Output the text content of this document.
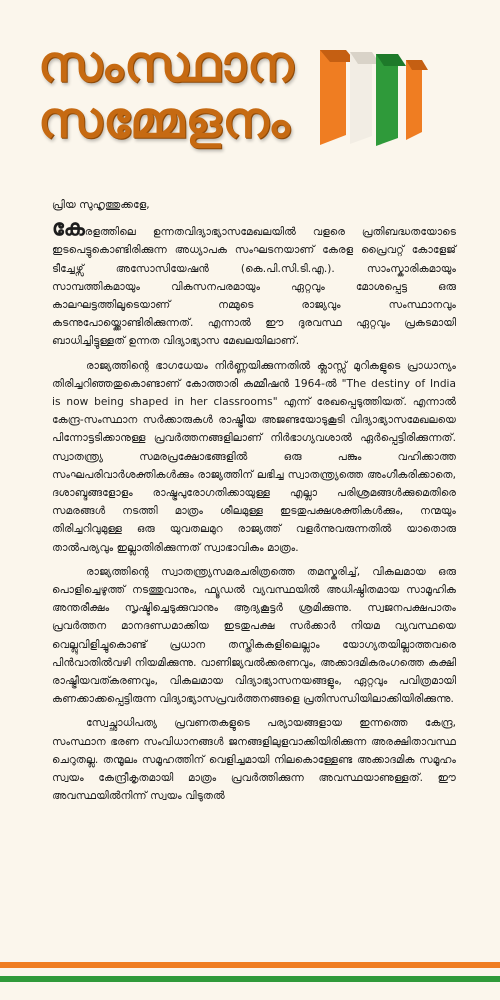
സംസ്ഥാന
സമ്മേളനം

പ്രിയ സുഹൃത്തുക്കളേ,

കേരളത്തിലെ ഉന്നതവിദ്യാഭ്യാസമേഖലയിൽ വളരെ പ്രതിബദ്ധതയോടെ ഇടപെട്ടുകൊണ്ടിരിക്കുന്ന അധ്യാപക സംഘടനയാണ് കേരള പ്രൈവറ്റ് കോളേജ് ടീച്ചേഴ്സ് അസോസിയേഷൻ (കെ.പി.സി.ടി.എ.). സാംസ്കാരികമായും സാമ്പത്തികമായും വികസനപരമായും ഏറ്റവും മോശപ്പെട്ട ഒരു കാലഘട്ടത്തിലൂടെയാണ് നമ്മുടെ രാജ്യവും സംസ്ഥാനവും കടന്നുപോയ്ക്കൊണ്ടിരിക്കുന്നത്. എന്നാൽ ഈ ദുരവസ്ഥ ഏറ്റവും പ്രകടമായി ബാധിച്ചിട്ടുള്ളത് ഉന്നത വിദ്യാഭ്യാസ മേഖലയിലാണ്.

രാജ്യത്തിന്റെ ഭാഗധേയം നിർണ്ണയിക്കുന്നതിൽ ക്ലാസ്സ് മുറികളുടെ പ്രാധാന്യം തിരിച്ചറിഞ്ഞതുകൊണ്ടാണ് കോത്താരി കമ്മീഷൻ 1964-ൽ "The destiny of India is now being shaped in her classrooms" എന്ന് രേഖപ്പെടുത്തിയത്. എന്നാൽ കേന്ദ്ര-സംസ്ഥാന സർക്കാരുകൾ രാഷ്ട്രീയ അജണ്ടയോടുകൂടി വിദ്യാഭ്യാസമേഖലയെ പിന്നോട്ടടിക്കാനുള്ള പ്രവർത്തനങ്ങളിലാണ് നിർഭാഗ്യവശാൽ ഏർപ്പെട്ടിരിക്കുന്നത്. സ്വാതന്ത്ര്യ സമരപ്രക്ഷോഭങ്ങളിൽ ഒരു പങ്കും വഹിക്കാത്ത സംഘപരിവാർശക്തികൾക്കും രാജ്യത്തിന് ലഭിച്ച സ്വാതന്ത്ര്യത്തെ അംഗീകരിക്കാതെ, ദശാബ്ദങ്ങളോളം രാഷ്ട്രപുരോഗതിക്കായുള്ള എല്ലാ പരിശ്രമങ്ങൾക്കുമെതിരെ സമരങ്ങൾ നടത്തി മാത്രം ശീലമുള്ള ഇടതുപക്ഷശക്തികൾക്കും, നന്മയും തിരിച്ചറിവുമുള്ള ഒരു യുവതലമുറ രാജ്യത്ത് വളർന്നുവരുന്നതിൽ യാതൊരു താൽപര്യവും ഇല്ലാതിരിക്കുന്നത് സ്വാഭാവികം മാത്രം.

രാജ്യത്തിന്റെ സ്വാതന്ത്ര്യസമരചരിത്രത്തെ തമസ്കരിച്ച്, വികലമായ ഒരു പൊളിച്ചെഴുത്ത് നടത്തുവാനും, ഫ്യൂഡൽ വ്യവസ്ഥയിൽ അധിഷ്ഠിതമായ സാമൂഹിക അന്തരീക്ഷം സൃഷ്ടിച്ചെടുക്കുവാനും ആദ്യകൂട്ടർ ശ്രമിക്കുന്നു. സ്വജനപക്ഷപാതം പ്രവർത്തന മാനദണ്ഡമാക്കിയ ഇടതുപക്ഷ സർക്കാർ നിയമ വ്യവസ്ഥയെ വെല്ലുവിളിച്ചുകൊണ്ട് പ്രധാന തസ്തികകളിലെല്ലാം യോഗ്യതയില്ലാത്തവരെ പിൻവാതിൽവഴി നിയമിക്കുന്നു. വാണിജ്യവൽക്കരണവും, അക്കാദമികരംഗത്തെ കക്ഷി രാഷ്ട്രീയവത്കരണവും, വികലമായ വിദ്യാഭ്യാസനയങ്ങളും, ഏറ്റവും പവിത്രമായി കണക്കാക്കപ്പെട്ടിരുന്ന വിദ്യാഭ്യാസപ്രവർത്തനങ്ങളെ പ്രതിസന്ധിയിലാക്കിയിരിക്കുന്നു.

സ്വേച്ഛാധിപത്യ പ്രവണതകളുടെ പര്യായങ്ങളായ ഇന്നത്തെ കേന്ദ്ര, സംസ്ഥാന ഭരണ സംവിധാനങ്ങൾ ജനങ്ങളിലുളവാക്കിയിരിക്കുന്ന അരക്ഷിതാവസ്ഥ ചെറുതല്ല. തന്മൂലം സമൂഹത്തിന് വെളിച്ചമായി നിലകൊള്ളേണ്ട അക്കാദമിക സമൂഹം സ്വയം കേന്ദ്രീകൃതമായി മാത്രം പ്രവർത്തിക്കുന്ന അവസ്ഥയാണുള്ളത്. ഈ അവസ്ഥയിൽനിന്ന് സ്വയം വിടുതൽ
